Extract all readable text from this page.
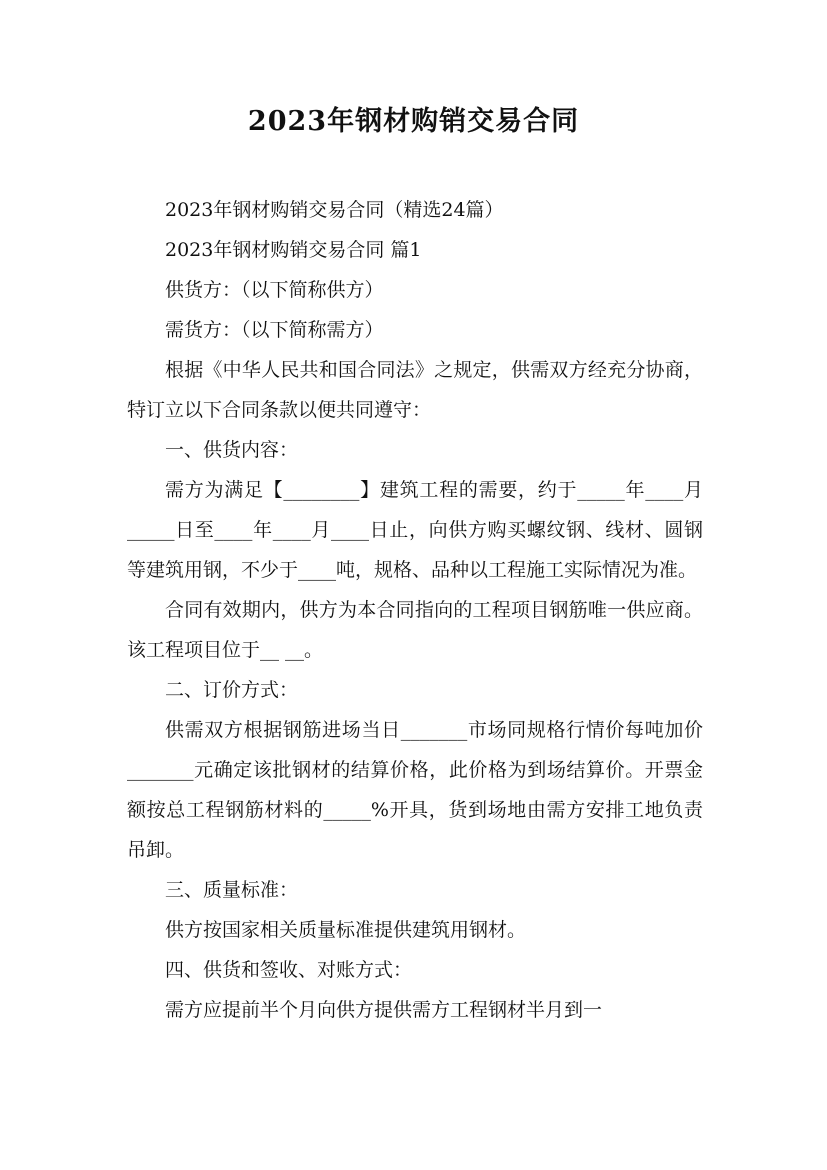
2023年钢材购销交易合同

2023年钢材购销交易合同（精选24篇）

2023年钢材购销交易合同 篇1

供货方：（以下简称供方）

需货方：（以下简称需方）

根据《中华人民共和国合同法》之规定，供需双方经充分协商，特订立以下合同条款以便共同遵守：

一、供货内容：

需方为满足【________】建筑工程的需要，约于_____年____月_____日至____年____月____日止，向供方购买螺纹钢、线材、圆钢等建筑用钢，不少于____吨，规格、品种以工程施工实际情况为准。

合同有效期内，供方为本合同指向的工程项目钢筋唯一供应商。该工程项目位于__ __。

二、订价方式：

供需双方根据钢筋进场当日_______市场同规格行情价每吨加价_______元确定该批钢材的结算价格，此价格为到场结算价。开票金额按总工程钢筋材料的_____%开具，货到场地由需方安排工地负责吊卸。

三、质量标准：

供方按国家相关质量标准提供建筑用钢材。

四、供货和签收、对账方式：

需方应提前半个月向供方提供需方工程钢材半月到一
